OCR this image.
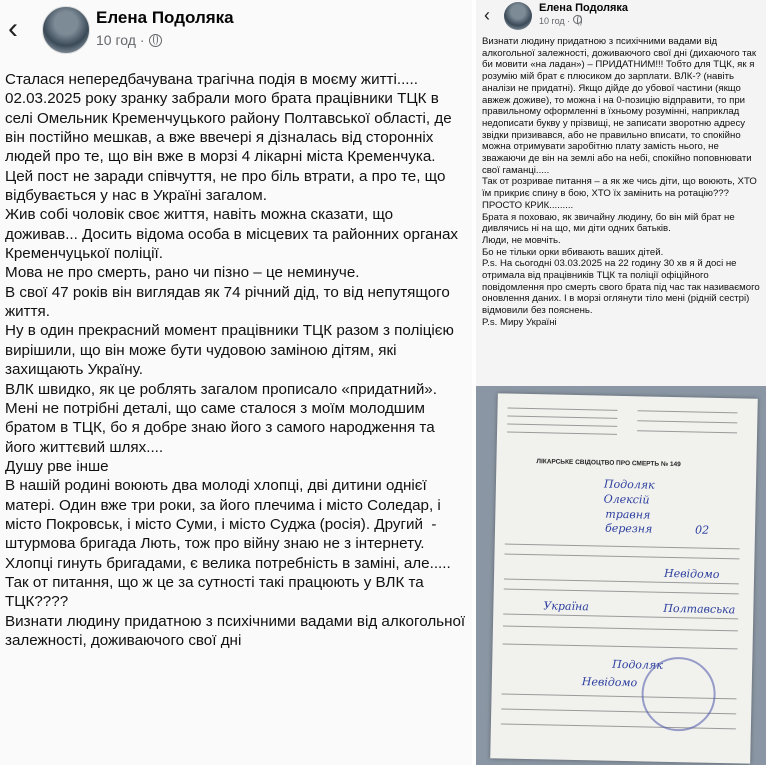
‹	Елена Подоляка
10 год ·

Сталася непередбачувана трагічна подія в моєму житті.....

02.03.2025 року зранку забрали мого брата працівники ТЦК в селі Омельник Кременчуцького району Полтавської області, де він постійно мешкав, а вже ввечері я дізналась від сторонніх людей про те, що він вже в морзі 4 лікарні міста Кременчука.

Цей пост не заради співчуття, не про біль втрати, а про те, що відбувається у нас в Україні загалом.

Жив собі чоловік своє життя, навіть можна сказати, що доживав... Досить відома особа в місцевих та районних органах Кременчуцької поліції.

Мова не про смерть, рано чи пізно – це неминуче.

В свої 47 років він виглядав як 74 річний дід, то від непутящого життя.

Ну в один прекрасний момент працівники ТЦК разом з поліцією вирішили, що він може бути чудовою заміною дітям, які захищають Україну.

ВЛК швидко, як це роблять загалом прописало «придатний».

Мені не потрібні деталі, що саме сталося з моїм молодшим братом в ТЦК, бо я добре знаю його з самого народження та його життєвий шлях....

Душу рве інше

В нашій родині воюють два молоді хлопці, дві дитини однієї матері. Один вже три роки, за його плечима і місто Соледар, і місто Покровськ, і місто Суми, і місто Суджа (росія). Другий  - штурмова бригада Лють, тож про війну знаю не з інтернету.

Хлопці гинуть бригадами, є велика потребність в заміні, але.....

Так от питання, що ж це за сутності такі працюють у ВЛК та ТЦК????

Визнати людину придатною з психічними вадами від алкогольної залежності, доживаючого свої дні

‹	Елена Подоляка
10 год ·

Визнати людину придатною з психічними вадами від алкогольної залежності, доживаючого свої дні (дихаючого так би мовити «на ладан») – ПРИДАТНИМ!!! Тобто для ТЦК, як я розумію мій брат є плюсиком до зарплати. ВЛК-? (навіть аналізи не придатні). Якщо дійде до убової частини (якщо авжеж доживе), то можна і на 0-позицію відправити, то при правильному оформленні в їхньому розумінні, наприклад недописати букву у прізвищі, не записати зворотню адресу звідки призивався, або не правильно вписати, то спокійно можна отримувати заробітню плату замість нього, не зважаючи де він на землі або на небі, спокійно поповнювати свої гаманці.....

Так от розривае питання – а як же чись діти, що воюють, ХТО їм прикриє спину в бою, ХТО їх замінить на ротацію???

ПРОСТО КРИК.........

Брата я поховаю, як звичайну людину, бо він мій брат не дивлячись ні на що, ми діти одних батьків.

Люди, не мовчіть.

Бо не тільки орки вбивають ваших дітей.

P.s. На сьогодні 03.03.2025 на 22 годину 30 хв я й досі не отримала від працівників ТЦК та поліції офіційного повідомлення про смерть свого брата під час так називаємого оновлення даних. І в морзі оглянути тіло мені (рідній сестрі) відмовили без пояснень.

P.s. Миру Україні

ЛІКАРСЬКЕ СВІДОЦТВО ПРО СМЕРТЬ № 149
Подоляк
Олексій
травня
березня	02
Невідомо
Україна	Полтавська
Подоляк
Невідомо
